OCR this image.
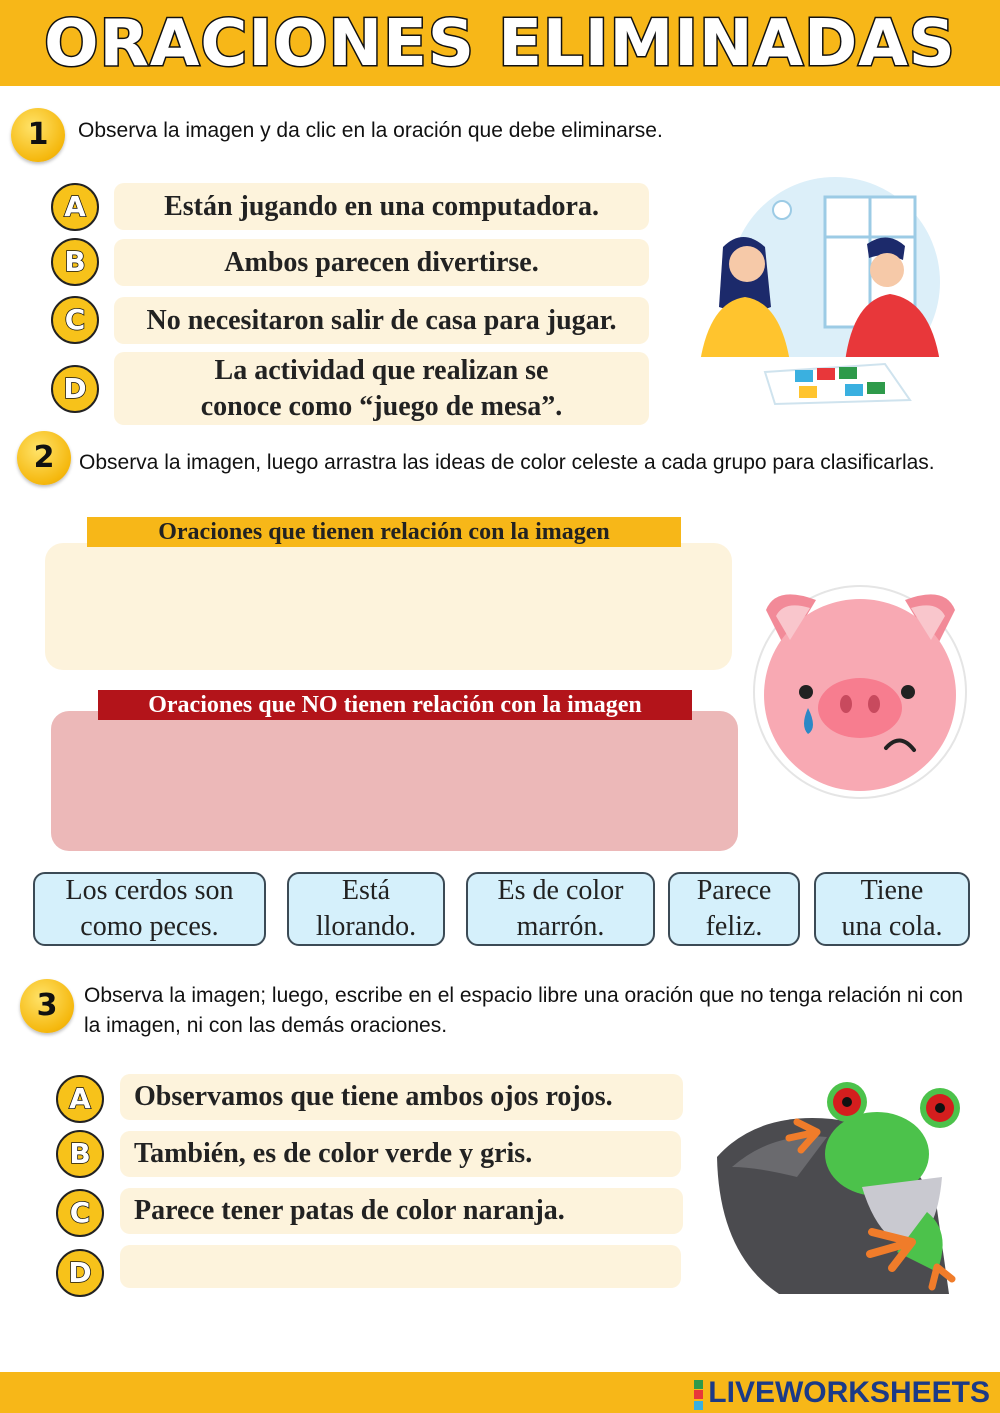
ORACIONES ELIMINADAS
1	Observa la imagen y da clic en la oración que debe eliminarse.
A	Están jugando en una computadora.
B	Ambos parecen divertirse.
C	No necesitaron salir de casa para jugar.
D
La actividad que realizan se conoce como “juego de mesa”.
2	Observa la imagen, luego arrastra las ideas de color celeste a cada grupo para clasificarlas.
Oraciones que tienen relación con la imagen
Oraciones que NO tienen relación con la imagen
Los cerdos son
como peces.
Está
llorando.
Es de color
marrón.
Parece
feliz.
Tiene
una cola.
3	Observa la imagen; luego, escribe en el espacio libre una oración que no tenga relación ni con la imagen, ni con las demás oraciones.
A	Observamos que tiene ambos ojos rojos.
B	También, es de color verde y gris.
C	Parece tener patas de color naranja.
D

LIVEWORKSHEETS
